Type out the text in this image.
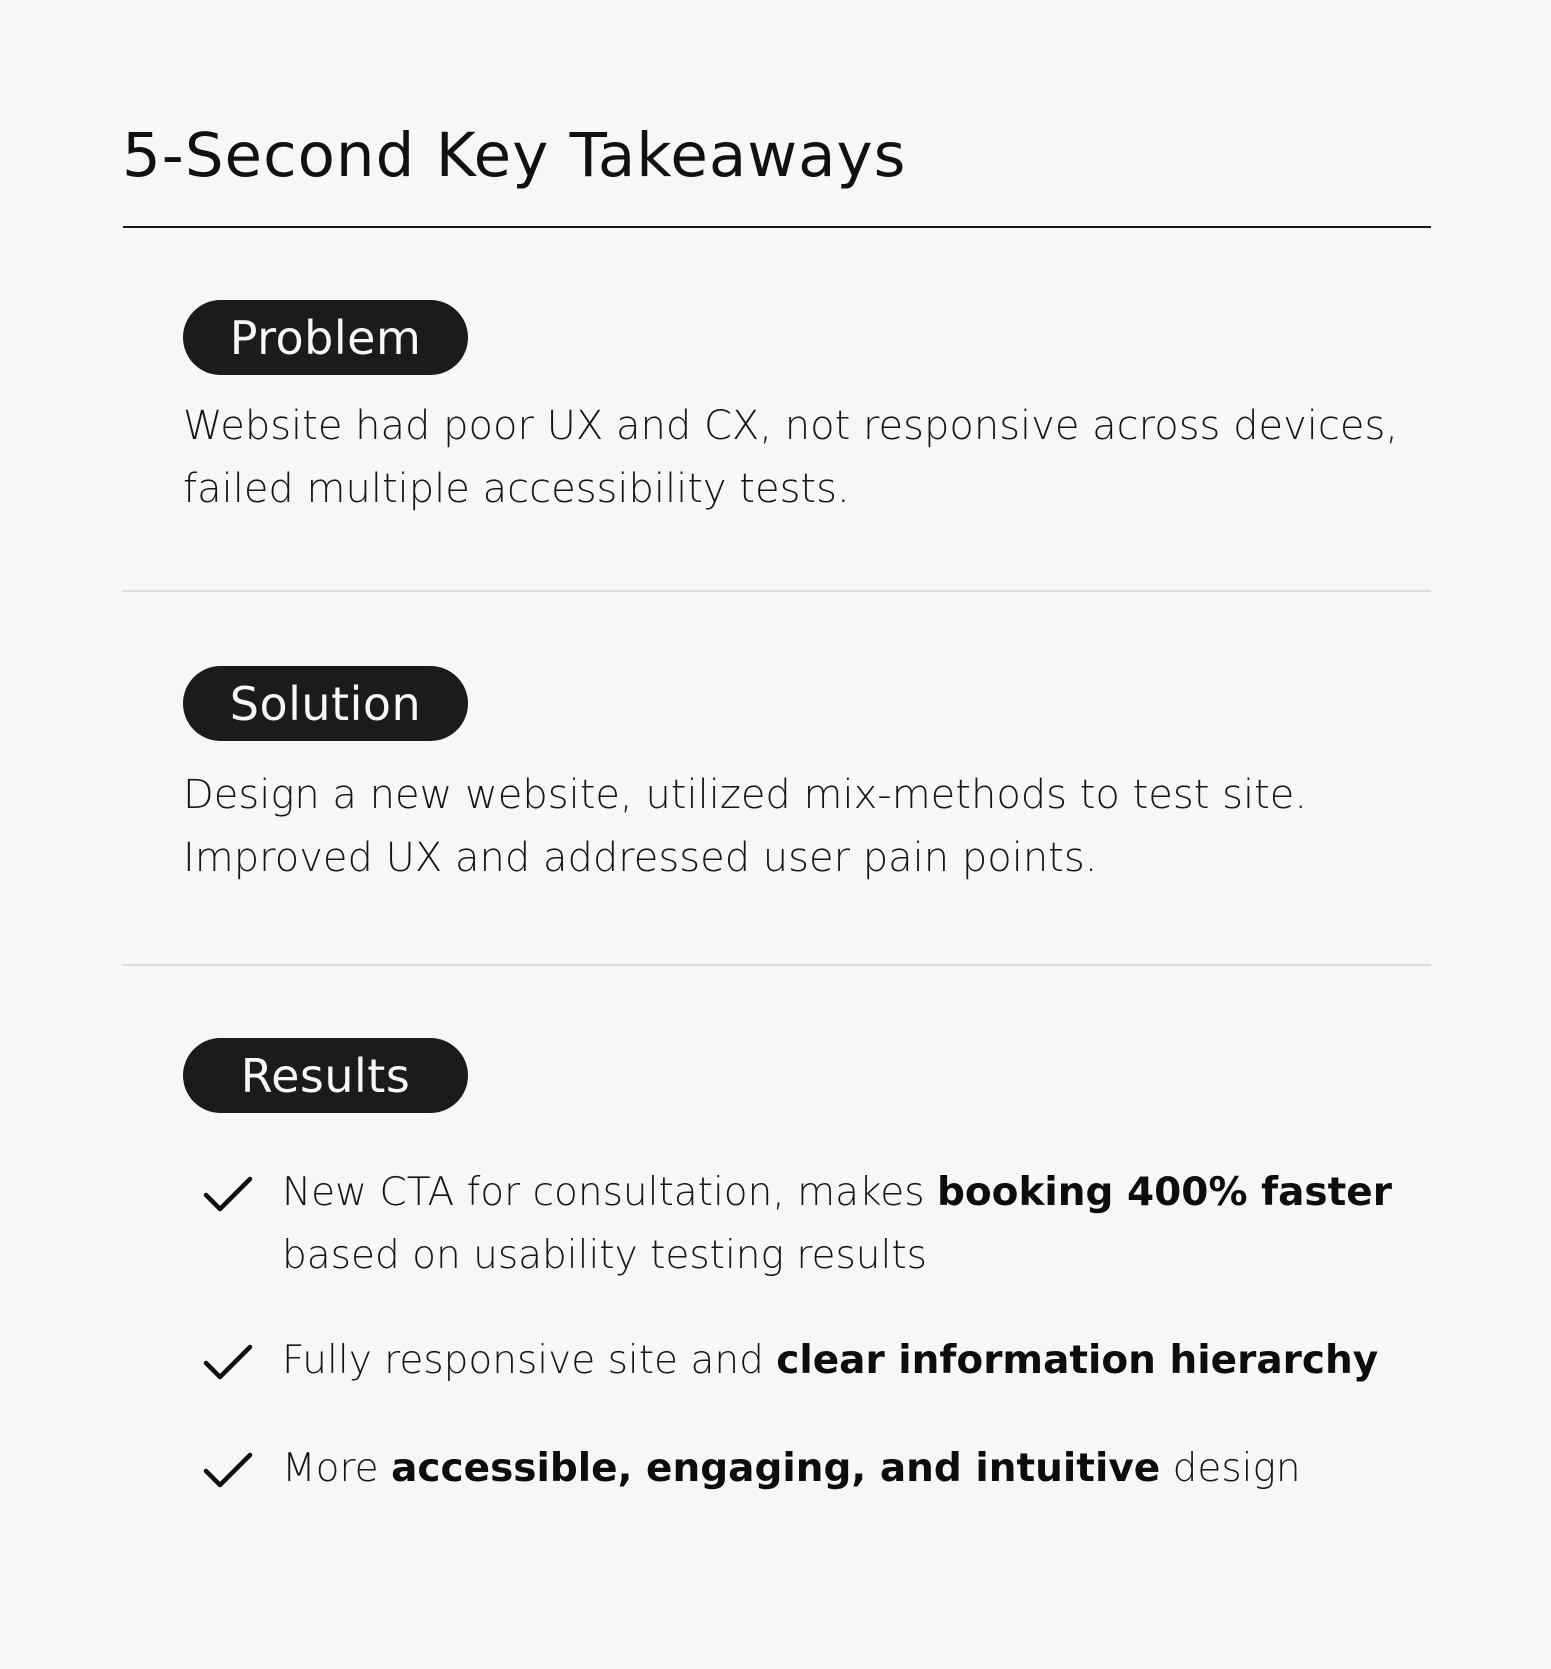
5-Second Key Takeaways
Problem

Website had poor UX and CX, not responsive across devices, failed multiple accessibility tests.

Solution

Design a new website, utilized mix-methods to test site. Improved UX and addressed user pain points.

Results
New CTA for consultation, makes booking 400% faster based on usability testing results
Fully responsive site and clear information hierarchy
More accessible, engaging, and intuitive design
